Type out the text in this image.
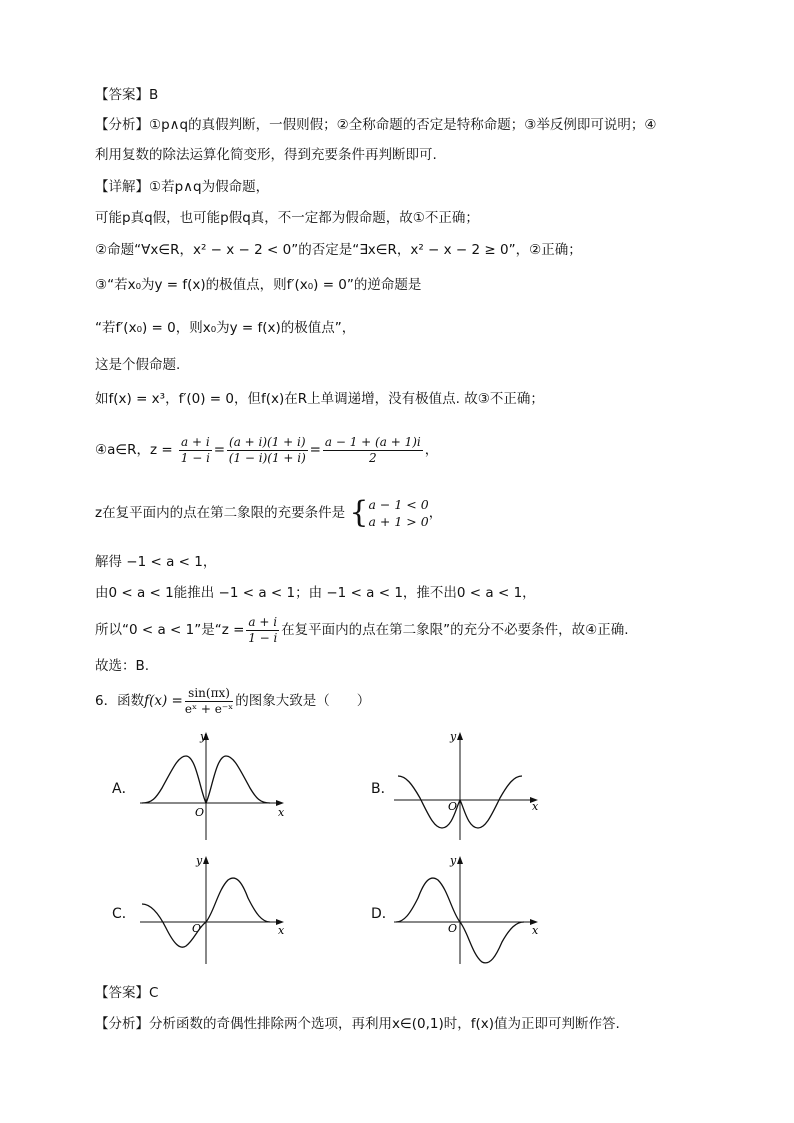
【答案】B
【分析】①p∧q的真假判断，一假则假；②全称命题的否定是特称命题；③举反例即可说明；④
利用复数的除法运算化简变形，得到充要条件再判断即可.
【详解】①若p∧q为假命题，
可能p真q假，也可能p假q真，不一定都为假命题，故①不正确；
②命题“∀x∈R，x² − x − 2 < 0”的否定是“∃x∈R，x² − x − 2 ≥ 0”，②正确；
③“若x₀为y = f(x)的极值点，则f′(x₀) = 0”的逆命题是
“若f′(x₀) = 0，则x₀为y = f(x)的极值点”，
这是个假命题.
如f(x) = x³，f′(0) = 0，但f(x)在R上单调递增，没有极值点. 故③不正确；
④a∈R，$z = \frac{a + i}{1 - i} = \frac{(a + i)(1 + i)}{(1 - i)(1 + i)} = \frac{a - 1 + (a + 1)i}{2}$ ，
z在复平面内的点在第二象限的充要条件是 { a − 1 < 0
a + 1 > 0
，
解得 −1 < a < 1，
由0 < a < 1能推出 −1 < a < 1；由 −1 < a < 1，推不出0 < a < 1，
所以“0 < a < 1”是“$z = \frac{a + i}{1 - i}$ 在复平面内的点在第二象限”的充分不必要条件，故④正确.
故选：B.
6．函数$f(x) = \frac{\sin(\pi x)}{\text{eˣ + e⁻ˣ}}$ 的图象大致是（　　）
A．
y
x
O
B．
y
x
O
C．
y
x
O
D．
y
x
O
【答案】C
【分析】分析函数的奇偶性排除两个选项，再利用x∈(0,1)时，f(x)值为正即可判断作答.
